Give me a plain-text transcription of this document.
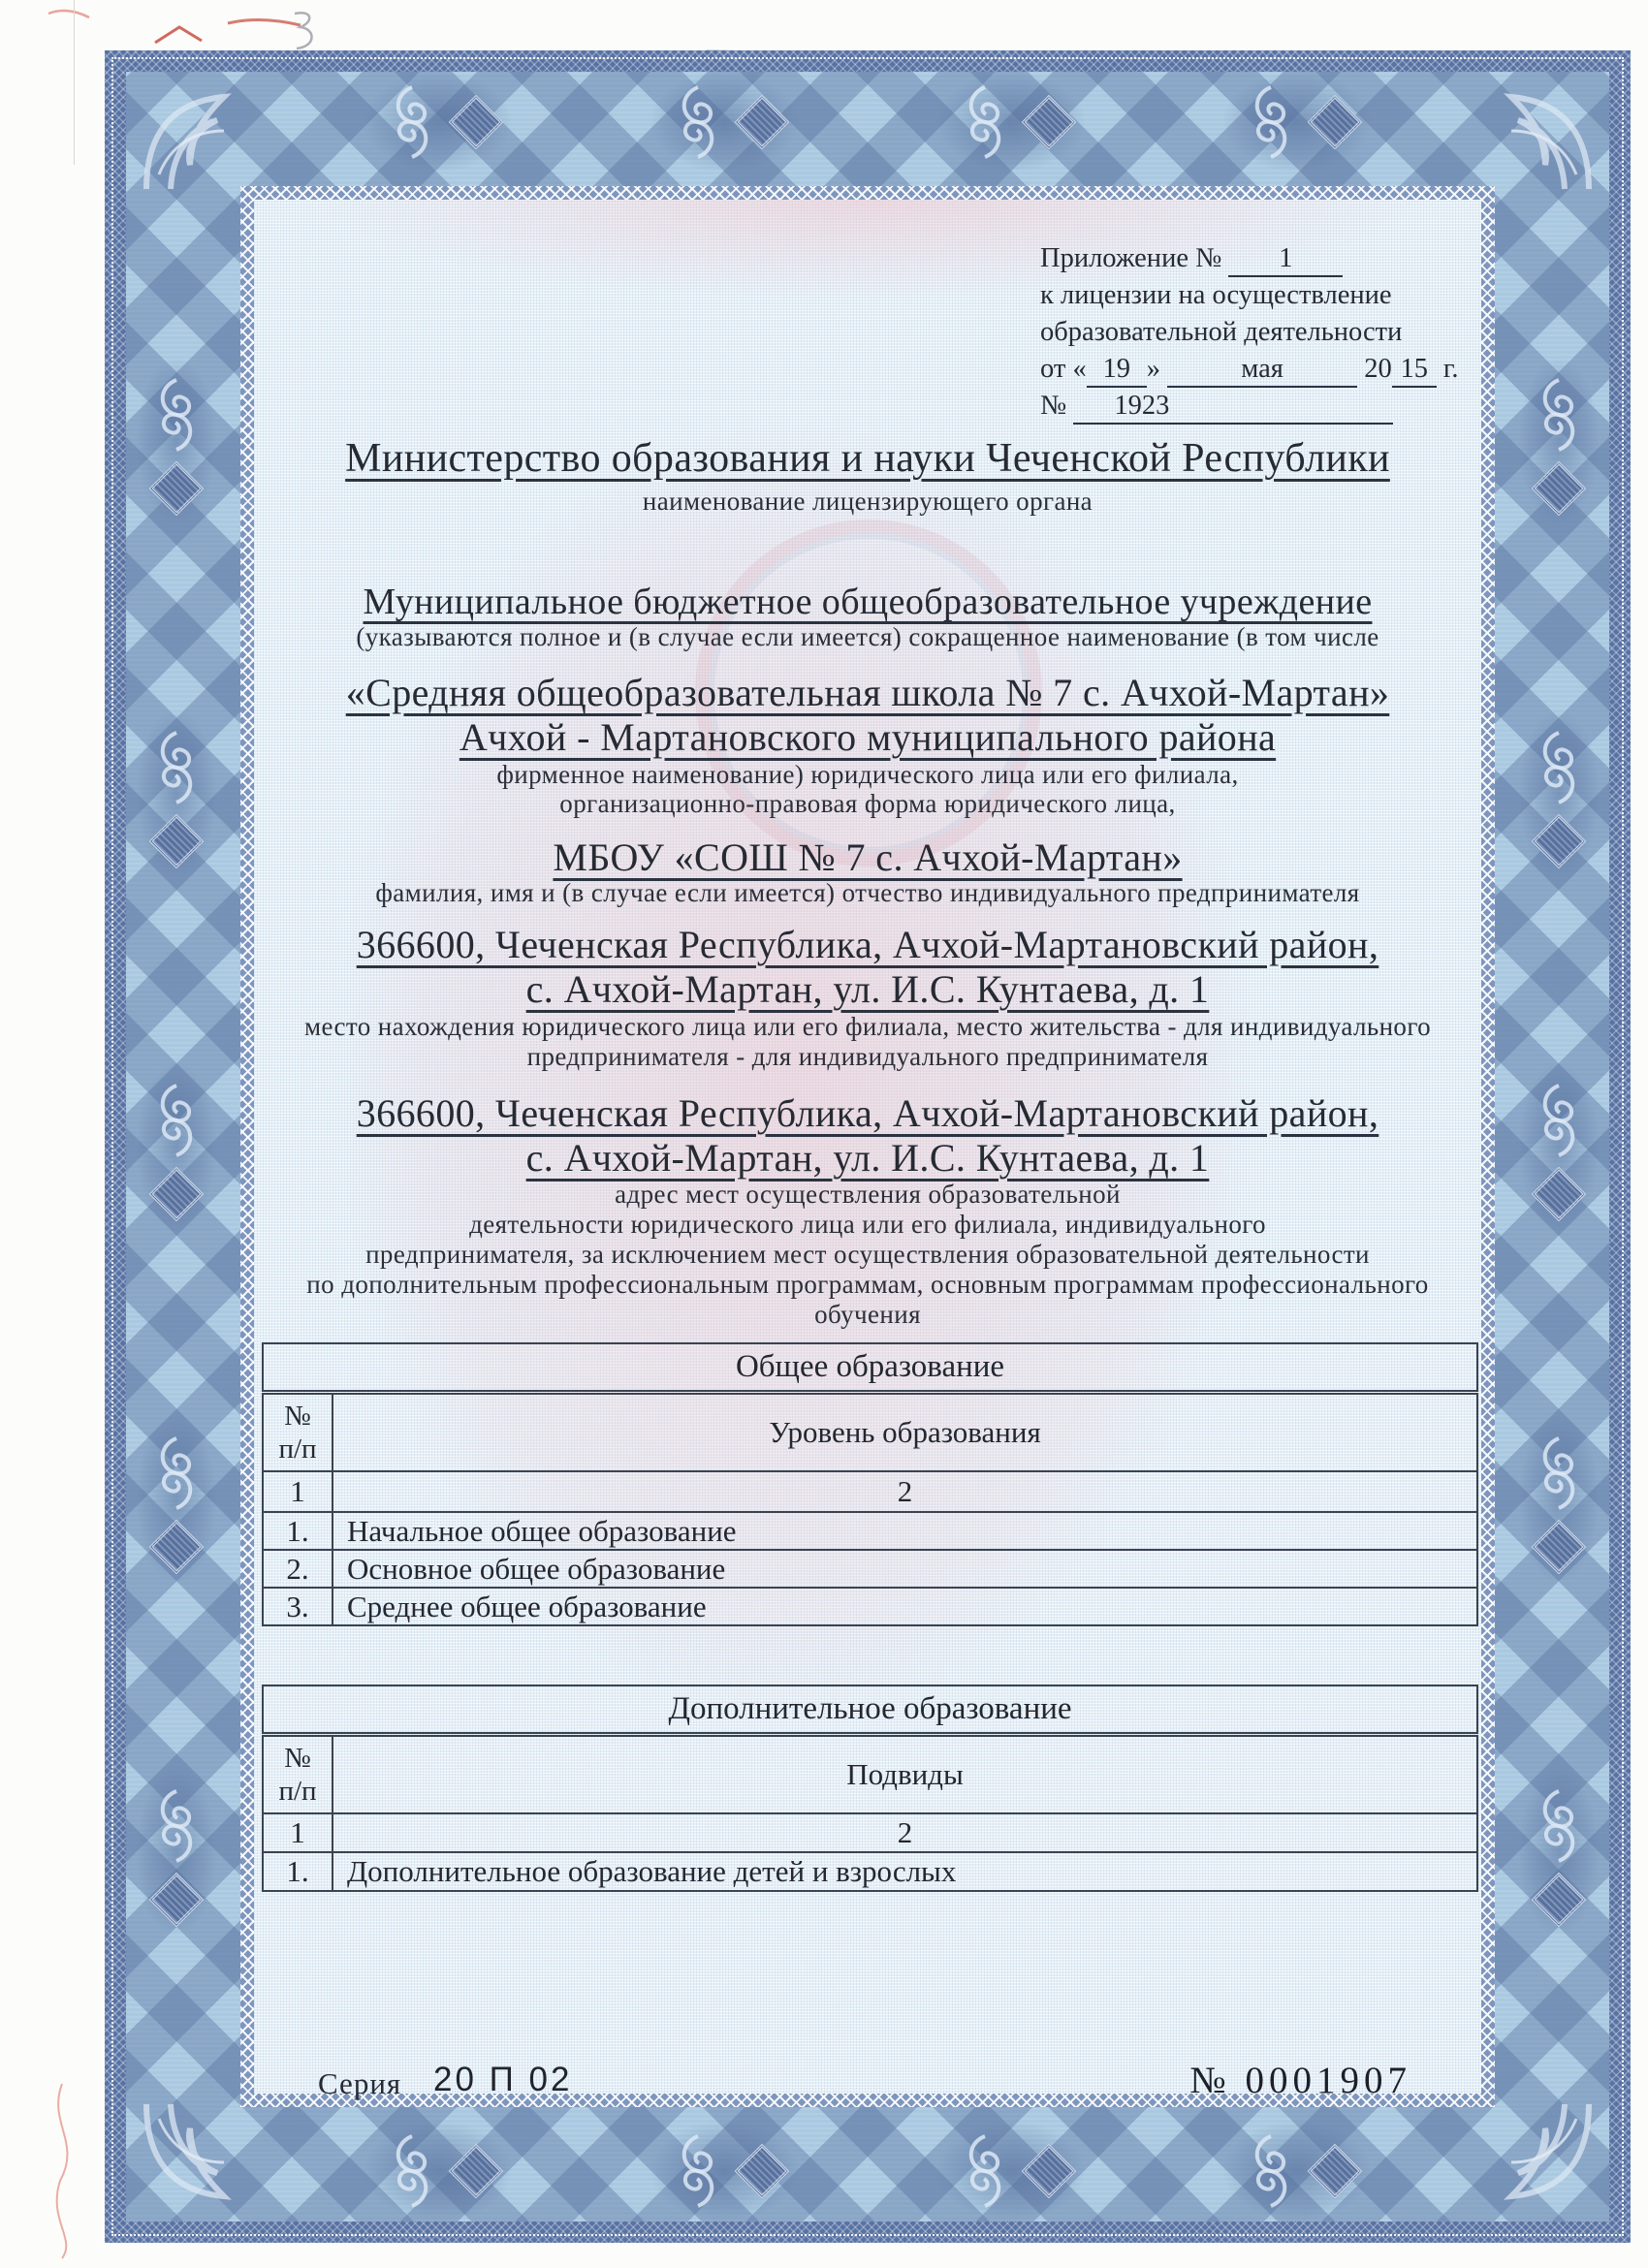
Приложение № 1
к лицензии на осуществление
образовательной деятельности
от « 19 »	мая	20 15 г.
№ 1923
Министерство образования и науки Чеченской Республики
наименование лицензирующего органа
Муниципальное бюджетное общеобразовательное учреждение
(указываются полное и (в случае если имеется) сокращенное наименование (в том числе
«Средняя общеобразовательная школа № 7 с. Ачхой-Мартан»
Ачхой - Мартановского муниципального района
фирменное наименование) юридического лица или его филиала,
организационно-правовая форма юридического лица,
МБОУ «СОШ № 7 с. Ачхой-Мартан»
фамилия, имя и (в случае если имеется) отчество индивидуального предпринимателя
366600, Чеченская Республика, Ачхой-Мартановский район,
с. Ачхой-Мартан, ул. И.С. Кунтаева, д. 1
место нахождения юридического лица или его филиала, место жительства - для индивидуального
предпринимателя - для индивидуального предпринимателя
366600, Чеченская Республика, Ачхой-Мартановский район,
с. Ачхой-Мартан, ул. И.С. Кунтаева, д. 1
адрес мест осуществления образовательной
деятельности юридического лица или его филиала, индивидуального
предпринимателя, за исключением мест осуществления образовательной деятельности
по дополнительным профессиональным программам, основным программам профессионального обучения
Общее образование	

№
п/п	Уровень образования
1	2
1.	Начальное общее образование
2.	Основное общее образование
3.	Среднее общее образование
Дополнительное образование	

№
п/п	Подвиды
1	2
1.	Дополнительное образование детей и взрослых
Серия 20 П 02	№ 0001907
